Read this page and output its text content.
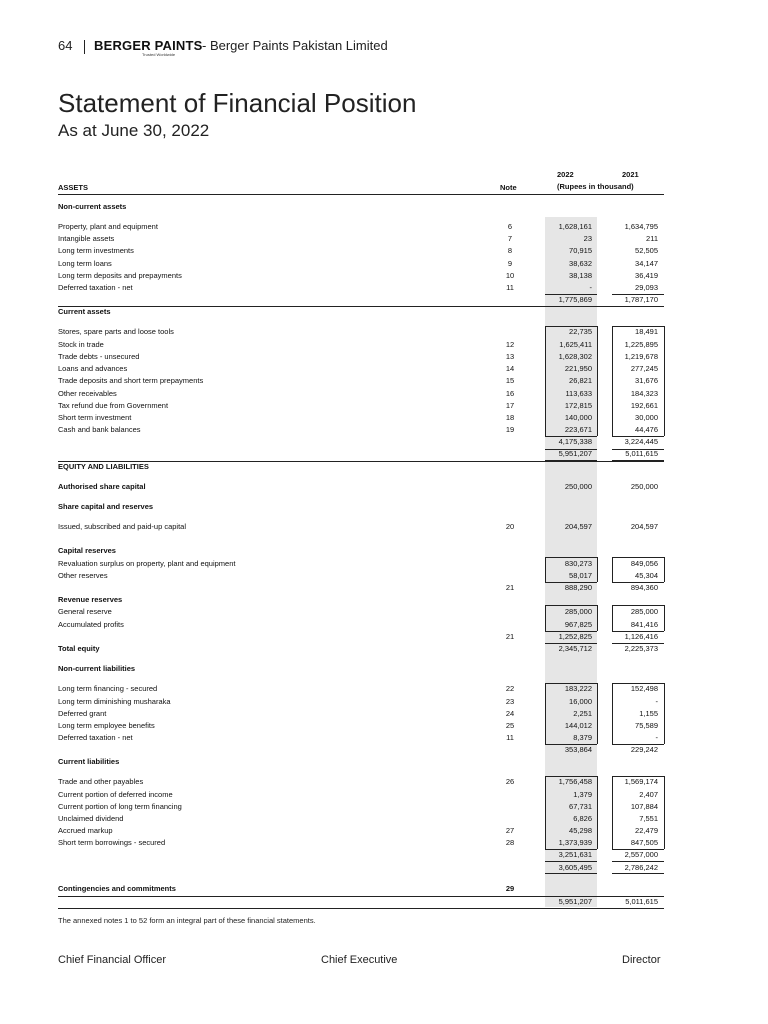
64 BERGER PAINTS
Trusted Worldwide
- Berger Paints Pakistan Limited
Statement of Financial Position
As at June 30, 2022
2022	2021
ASSETS	Note	(Rupees in thousand)
Non-current assets
Property, plant and equipment	6	1,628,161	1,634,795
Intangible assets	7	23	211
Long term investments	8	70,915	52,505
Long term loans	9	38,632	34,147
Long term deposits and prepayments	10	38,138	36,419
Deferred taxation - net	11	-	29,093
1,775,869	1,787,170
Current assets
Stores, spare parts and loose tools	22,735	18,491
Stock in trade	12	1,625,411	1,225,895
Trade debts - unsecured	13	1,628,302	1,219,678
Loans and advances	14	221,950	277,245
Trade deposits and short term prepayments	15	26,821	31,676
Other receivables	16	113,633	184,323
Tax refund due from Government	17	172,815	192,661
Short term investment	18	140,000	30,000
Cash and bank balances	19	223,671	44,476
4,175,338	3,224,445
5,951,207	5,011,615
EQUITY AND LIABILITIES
Authorised share capital	250,000	250,000
Share capital and reserves
Issued, subscribed and paid-up capital	20	204,597	204,597
Capital reserves
Revaluation surplus on property, plant and equipment	830,273	849,056
Other reserves	58,017	45,304
21	888,290	894,360
Revenue reserves
General reserve	285,000	285,000
Accumulated profits	967,825	841,416
21	1,252,825	1,126,416
Total equity	2,345,712	2,225,373
Non-current liabilities
Long term financing - secured	22	183,222	152,498
Long term diminishing musharaka	23	16,000	-
Deferred grant	24	2,251	1,155
Long term employee benefits	25	144,012	75,589
Deferred taxation - net	11	8,379	-
353,864	229,242
Current liabilities
Trade and other payables	26	1,756,458	1,569,174
Current portion of deferred income	1,379	2,407
Current portion of long term financing	67,731	107,884
Unclaimed dividend	6,826	7,551
Accrued markup	27	45,298	22,479
Short term borrowings - secured	28	1,373,939	847,505
3,251,631	2,557,000
3,605,495	2,786,242
Contingencies and commitments	29
5,951,207	5,011,615
The annexed notes 1 to 52 form an integral part of these financial statements.
Chief Financial Officer	Chief Executive	Director
